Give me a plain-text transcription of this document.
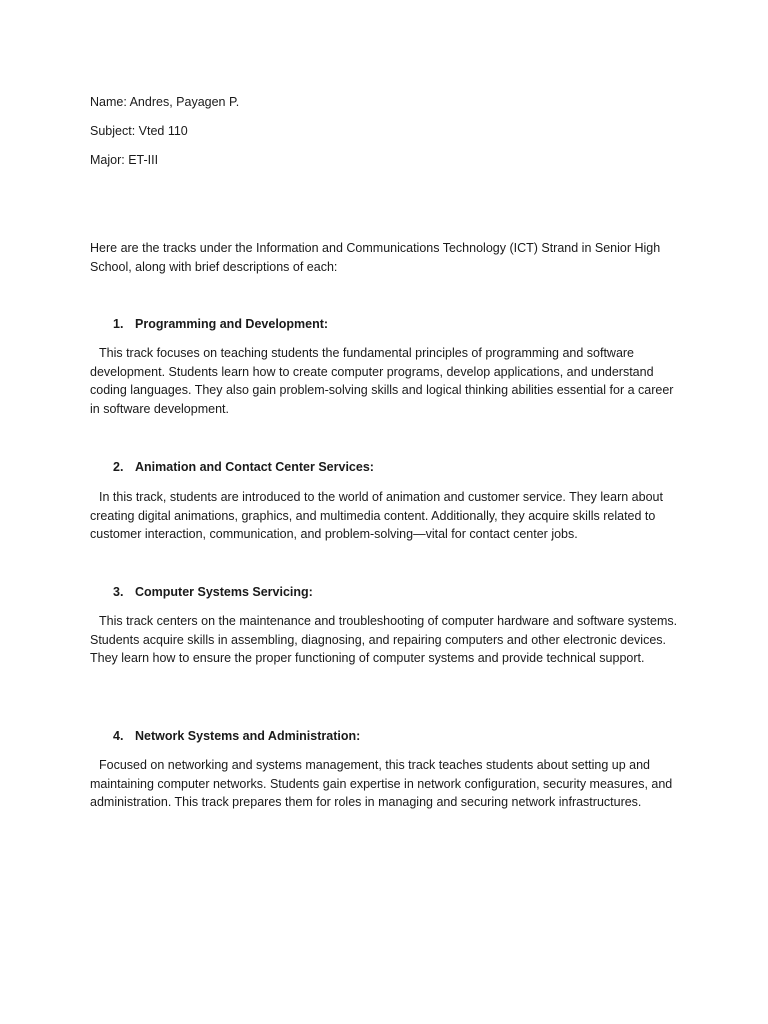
Name: Andres, Payagen P.
Subject: Vted 110
Major: ET-III

Here are the tracks under the Information and Communications Technology (ICT) Strand in Senior High School, along with brief descriptions of each:

1. Programming and Development:

This track focuses on teaching students the fundamental principles of programming and software development. Students learn how to create computer programs, develop applications, and understand coding languages. They also gain problem-solving skills and logical thinking abilities essential for a career in software development.

2. Animation and Contact Center Services:

In this track, students are introduced to the world of animation and customer service. They learn about creating digital animations, graphics, and multimedia content. Additionally, they acquire skills related to customer interaction, communication, and problem-solving—vital for contact center jobs.

3. Computer Systems Servicing:

This track centers on the maintenance and troubleshooting of computer hardware and software systems. Students acquire skills in assembling, diagnosing, and repairing computers and other electronic devices. They learn how to ensure the proper functioning of computer systems and provide technical support.

4. Network Systems and Administration:

Focused on networking and systems management, this track teaches students about setting up and maintaining computer networks. Students gain expertise in network configuration, security measures, and administration. This track prepares them for roles in managing and securing network infrastructures.
